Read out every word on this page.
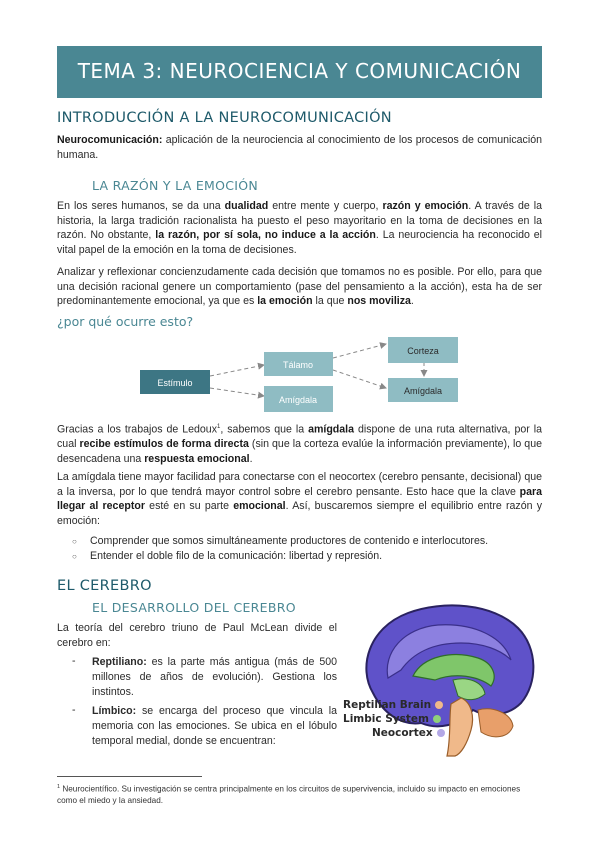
TEMA 3: NEUROCIENCIA Y COMUNICACIÓN
INTRODUCCIÓN A LA NEUROCOMUNICACIÓN

Neurocomunicación: aplicación de la neurociencia al conocimiento de los procesos de comunicación humana.

LA RAZÓN Y LA EMOCIÓN

En los seres humanos, se da una dualidad entre mente y cuerpo, razón y emoción. A través de la historia, la larga tradición racionalista ha puesto el peso mayoritario en la toma de decisiones en la razón. No obstante, la razón, por sí sola, no induce a la acción. La neurociencia ha reconocido el vital papel de la emoción en la toma de decisiones.

Analizar y reflexionar concienzudamente cada decisión que tomamos no es posible. Por ello, para que una decisión racional genere un comportamiento (pase del pensamiento a la acción), esta ha de ser predominantemente emocional, ya que es la emoción la que nos moviliza.

¿por qué ocurre esto?
Estímulo
Tálamo
Amígdala
Corteza
Amígdala

Gracias a los trabajos de Ledoux$^1$, sabemos que la amígdala dispone de una ruta alternativa, por la cual recibe estímulos de forma directa (sin que la corteza evalúe la información previamente), lo que desencadena una respuesta emocional.

La amígdala tiene mayor facilidad para conectarse con el neocortex (cerebro pensante, decisional) que a la inversa, por lo que tendrá mayor control sobre el cerebro pensante. Esto hace que la clave para llegar al receptor esté en su parte emocional. Así, buscaremos siempre el equilibrio entre razón y emoción:

○ Comprender que somos simultáneamente productores de contenido e interlocutores.
○ Entender el doble filo de la comunicación: libertad y represión.
EL CEREBRO
EL DESARROLLO DEL CEREBRO

La teoría del cerebro triuno de Paul McLean divide el cerebro en:

- Reptiliano: es la parte más antigua (más de 500 millones de años de evolución). Gestiona los instintos.

- Límbico: se encarga del proceso que vincula la memoria con las emociones. Se ubica en el lóbulo temporal medial, donde se encuentran:

Reptilian Brain
Limbic System
Neocortex

$^1$ Neurocientífico. Su investigación se centra principalmente en los circuitos de supervivencia, incluido su impacto en emociones como el miedo y la ansiedad.
